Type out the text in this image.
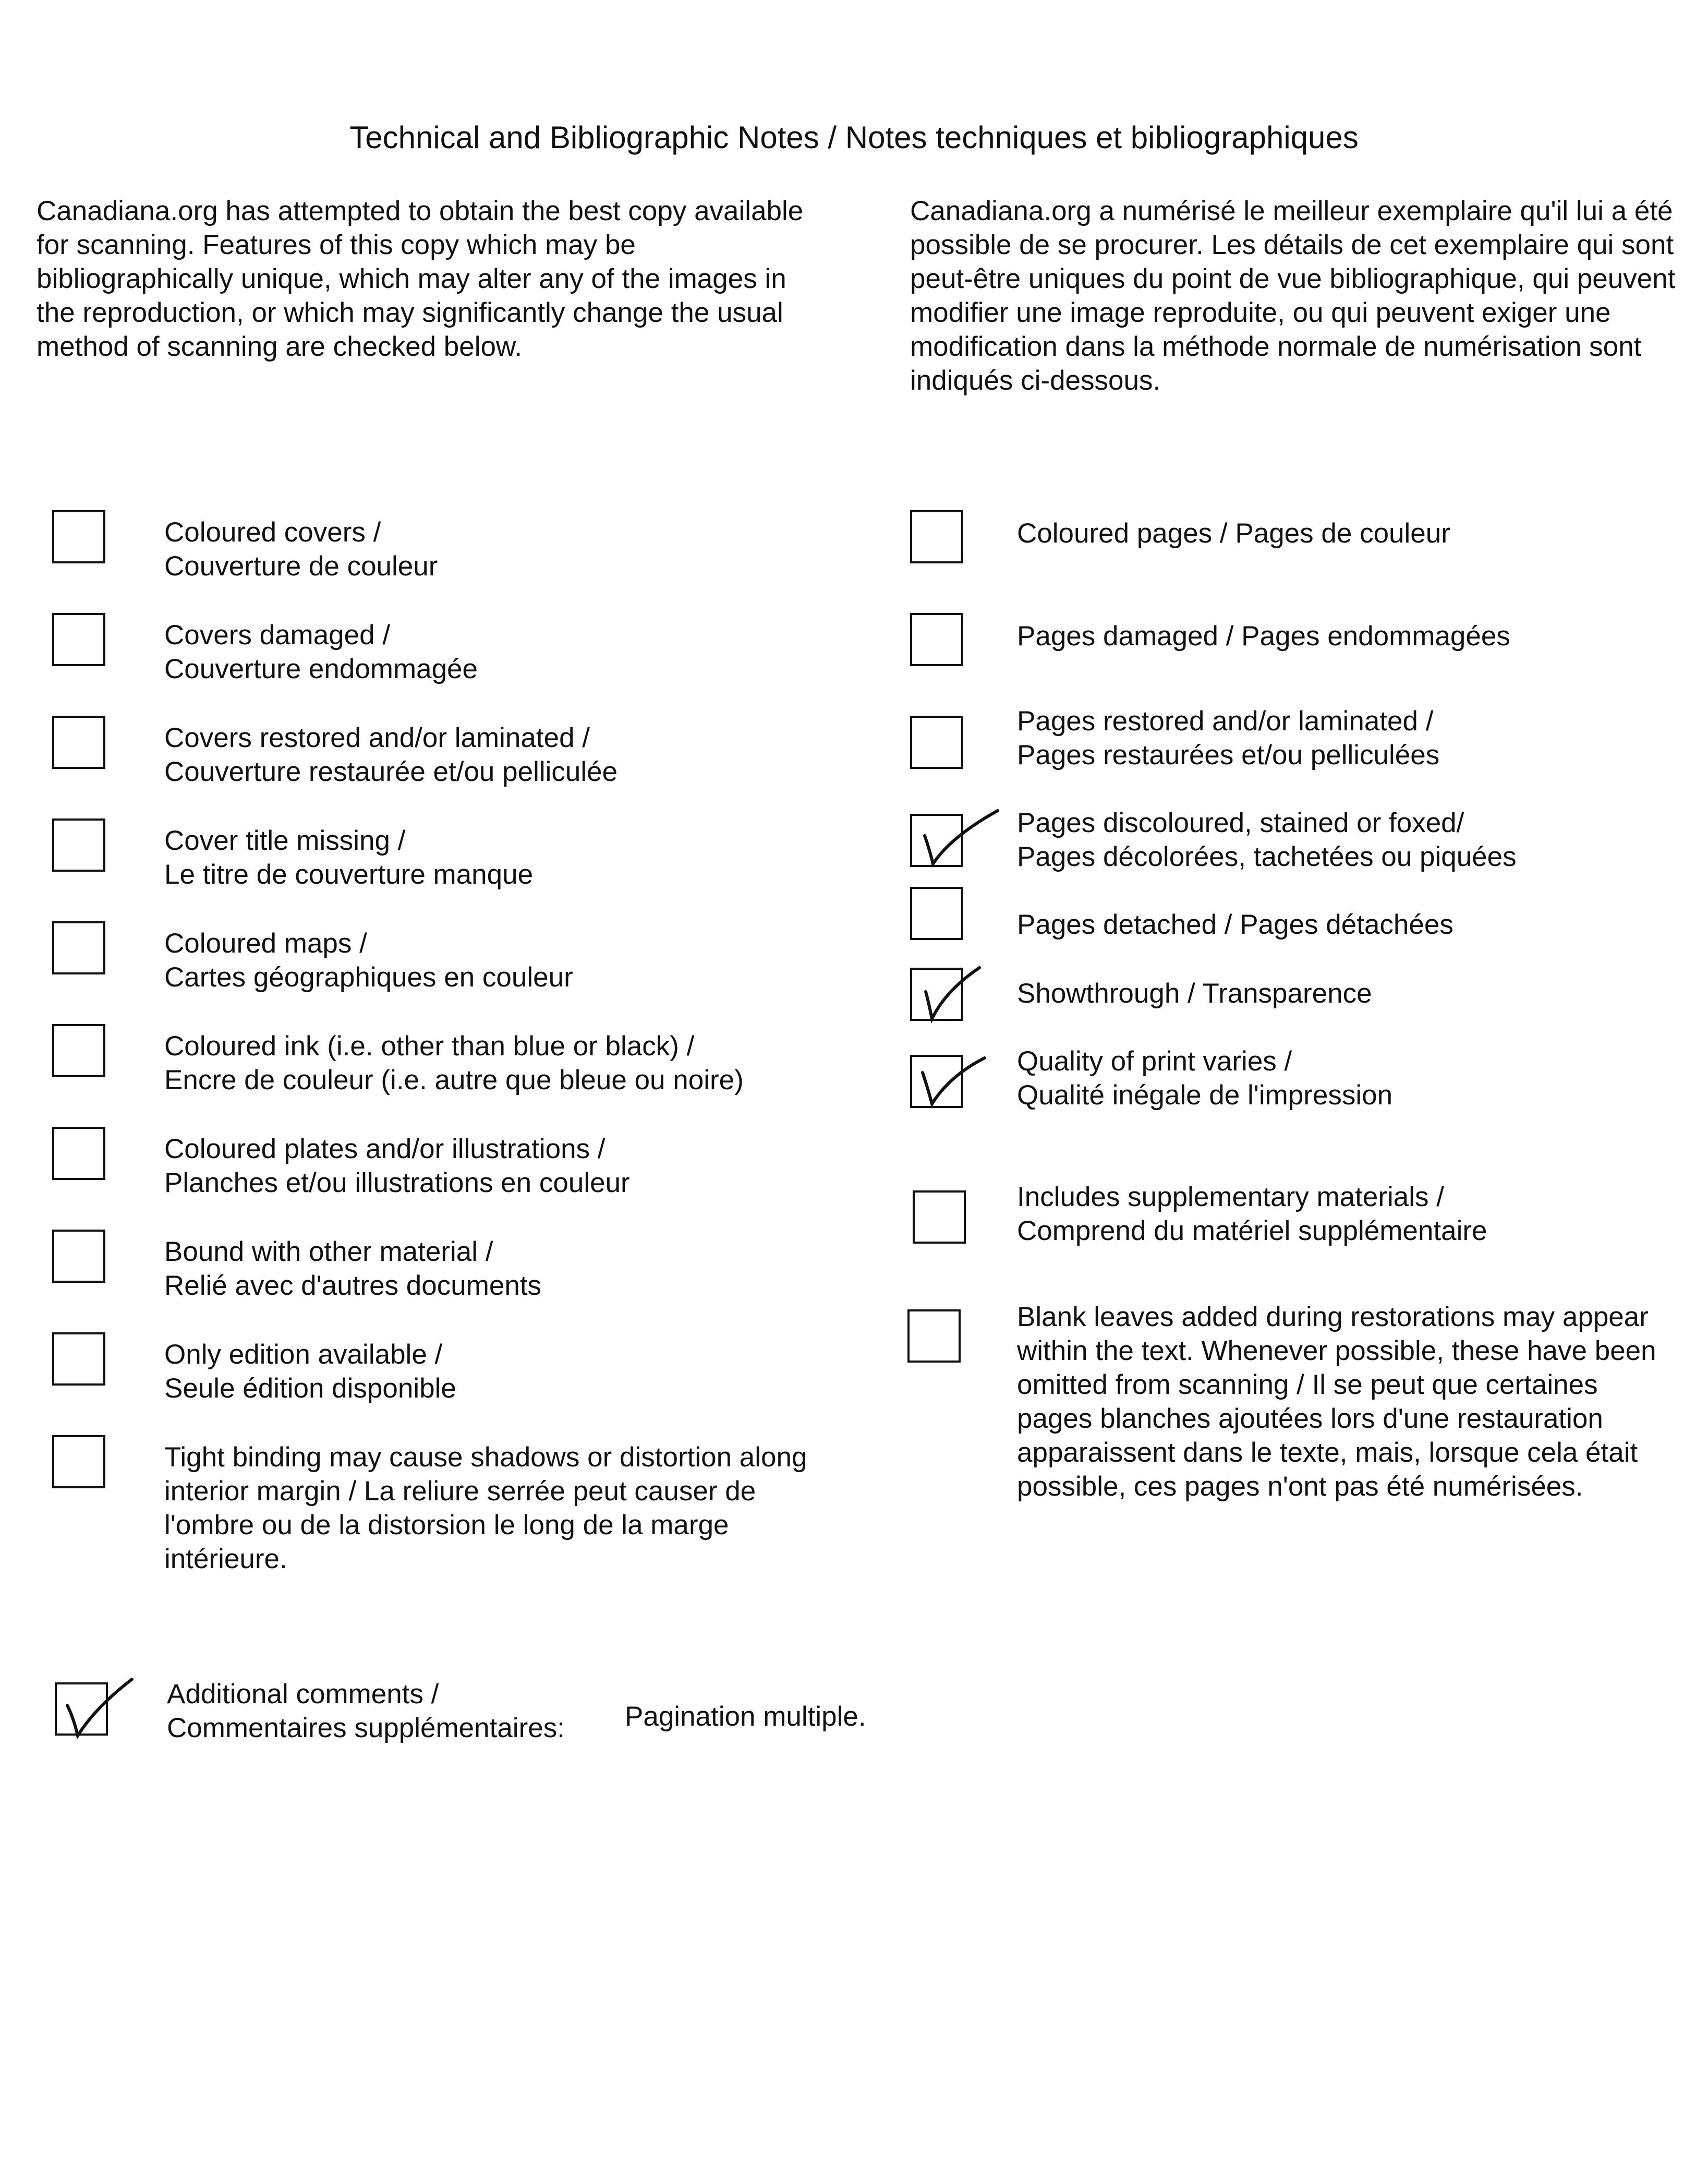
Technical and Bibliographic Notes / Notes techniques et bibliographiques

Canadiana.org has attempted to obtain the best copy available for scanning. Features of this copy which may be bibliographically unique, which may alter any of the images in the reproduction, or which may significantly change the usual method of scanning are checked below.

Canadiana.org a numérisé le meilleur exemplaire qu'il lui a été possible de se procurer. Les détails de cet exemplaire qui sont peut-être uniques du point de vue bibliographique, qui peuvent modifier une image reproduite, ou qui peuvent exiger une modification dans la méthode normale de numérisation sont indiqués ci-dessous.

Coloured covers /
Couverture de couleur

Covers damaged /
Couverture endommagée

Covers restored and/or laminated /
Couverture restaurée et/ou pelliculée

Cover title missing /
Le titre de couverture manque

Coloured maps /
Cartes géographiques en couleur

Coloured ink (i.e. other than blue or black) /
Encre de couleur (i.e. autre que bleue ou noire)

Coloured plates and/or illustrations /
Planches et/ou illustrations en couleur

Bound with other material /
Relié avec d'autres documents

Only edition available /
Seule édition disponible

Tight binding may cause shadows or distortion along interior margin / La reliure serrée peut causer de l'ombre ou de la distorsion le long de la marge intérieure.

Coloured pages / Pages de couleur

Pages damaged / Pages endommagées

Pages restored and/or laminated /
Pages restaurées et/ou pelliculées

Pages discoloured, stained or foxed/
Pages décolorées, tachetées ou piquées

Pages detached / Pages détachées

Showthrough / Transparence

Quality of print varies /
Qualité inégale de l'impression

Includes supplementary materials /
Comprend du matériel supplémentaire

Blank leaves added during restorations may appear within the text. Whenever possible, these have been omitted from scanning / Il se peut que certaines pages blanches ajoutées lors d'une restauration apparaissent dans le texte, mais, lorsque cela était possible, ces pages n'ont pas été numérisées.

Additional comments /
Commentaires supplémentaires:	Pagination multiple.
